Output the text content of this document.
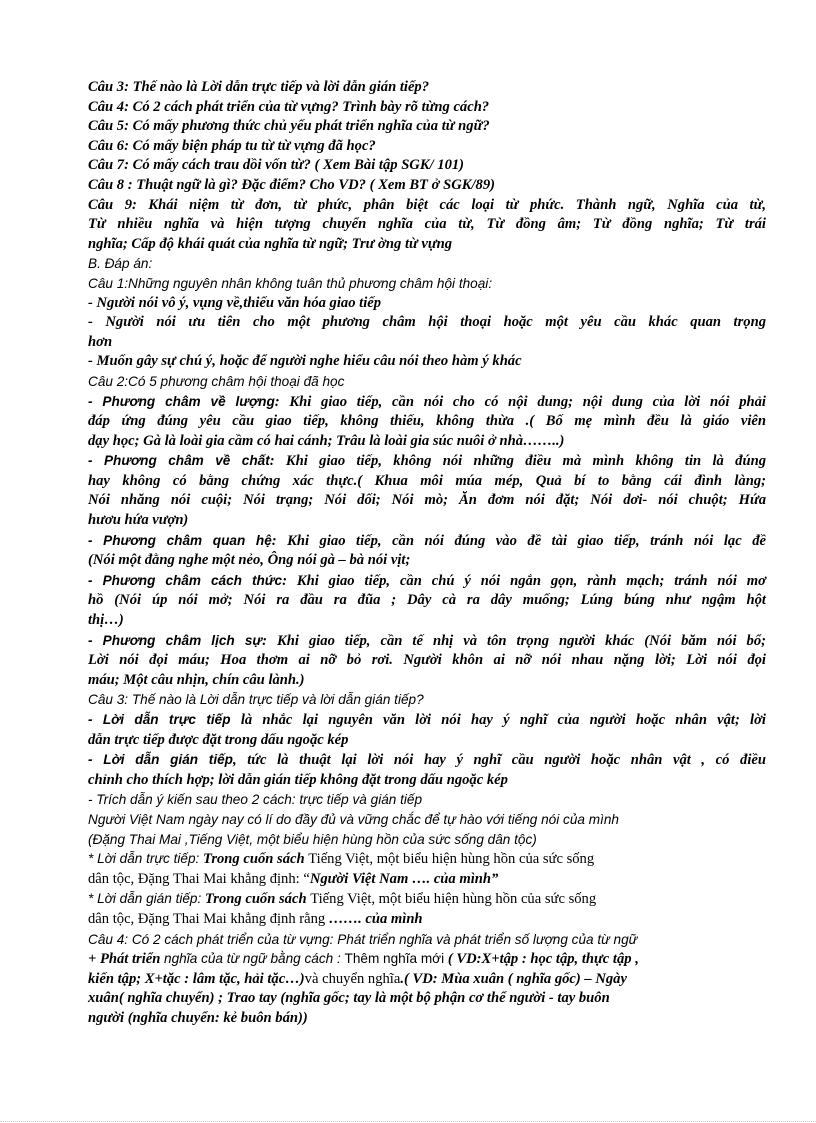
Câu 3: Thế nào là Lời dẫn trực tiếp và lời dẫn gián tiếp?
Câu 4: Có 2 cách phát triển của từ vựng? Trình bày rõ từng cách?
Câu 5: Có mấy phương thức chủ yếu phát triển nghĩa của từ ngữ?
Câu 6: Có mấy biện pháp tu từ từ vựng đã học?
Câu 7: Có mấy cách trau dồi vốn từ? ( Xem Bài tập SGK/ 101)
Câu 8 : Thuật ngữ là gì? Đặc điểm? Cho VD? ( Xem BT ở SGK/89)
Câu 9: Khái niệm từ đơn, từ phức, phân biệt các loại từ phức. Thành ngữ, Nghĩa của từ,
Từ nhiều nghĩa và hiện tượng chuyển nghĩa của từ, Từ đồng âm; Từ đồng nghĩa; Từ trái
nghĩa; Cấp độ khái quát của nghĩa từ ngữ; Trư ờng từ vựng
B. Đáp án:
Câu 1:Những nguyên nhân không tuân thủ phương châm hội thoại:
- Người nói vô ý, vụng về,thiếu văn hóa giao tiếp
- Người nói ưu tiên cho một phương châm hội thoại hoặc một yêu cầu khác quan trọng
hơn
- Muốn gây sự chú ý, hoặc để người nghe hiểu câu nói theo hàm ý khác
Câu 2:Có 5 phương châm hội thoại đã học
- Phương châm về lượng: Khi giao tiếp, cần nói cho có nội dung; nội dung của lời nói phải
đáp ứng đúng yêu cầu giao tiếp, không thiếu, không thừa .( Bố mẹ mình đều là giáo viên
dạy học; Gà là loài gia cầm có hai cánh; Trâu là loài gia súc nuôi ở nhà……..)
- Phương châm về chất: Khi giao tiếp, không nói những điều mà mình không tin là đúng
hay không có bằng chứng xác thực.( Khua môi múa mép, Quả bí to bằng cái đình làng;
Nói nhăng nói cuội; Nói trạng; Nói dối; Nói mò; Ăn đơm nói đặt; Nói dơi- nói chuột; Hứa
hươu hứa vượn)
- Phương châm quan hệ: Khi giao tiếp, cần nói đúng vào đề tài giao tiếp, tránh nói lạc đề
(Nói một đằng nghe một nẻo, Ông nói gà – bà nói vịt;
- Phương châm cách thức: Khi giao tiếp, cần chú ý nói ngắn gọn, rành mạch; tránh nói mơ
hồ (Nói úp nói mở; Nói ra đầu ra đũa ; Dây cà ra dây muống; Lúng búng như ngậm hột
thị…)
- Phương châm lịch sự: Khi giao tiếp, cần tế nhị và tôn trọng người khác (Nói băm nói bổ;
Lời nói đọi máu; Hoa thơm ai nỡ bỏ rơi. Người khôn ai nỡ nói nhau nặng lời; Lời nói đọi
máu; Một câu nhịn, chín câu lành.)
Câu 3: Thế nào là Lời dẫn trực tiếp và lời dẫn gián tiếp?
- Lời dẫn trực tiếp là nhắc lại nguyên văn lời nói hay ý nghĩ của người hoặc nhân vật; lời
dẫn trực tiếp được đặt trong dấu ngoặc kép
- Lời dẫn gián tiếp, tức là thuật lại lời nói hay ý nghĩ cầu người hoặc nhân vật , có điều
chỉnh cho thích hợp; lời dẫn gián tiếp không đặt trong dấu ngoặc kép
- Trích dẫn ý kiến sau theo 2 cách: trực tiếp và gián tiếp
Người Việt Nam ngày nay có lí do đầy đủ và vững chắc để tự hào với tiếng nói của mình
(Đặng Thai Mai ,Tiếng Việt, một biểu hiện hùng hồn của sức sống dân tộc)
* Lời dẫn trực tiếp: Trong cuốn sách Tiếng Việt, một biểu hiện hùng hồn của sức sống
dân tộc, Đặng Thai Mai khẳng định: “Người Việt Nam …. của mình”
* Lời dẫn gián tiếp: Trong cuốn sách Tiếng Việt, một biểu hiện hùng hồn của sức sống
dân tộc, Đặng Thai Mai khẳng định rằng ……. của mình
Câu 4: Có 2 cách phát triển của từ vựng: Phát triển nghĩa và phát triển số lượng của từ ngữ
+ Phát triển nghĩa của từ ngữ bằng cách : Thêm nghĩa mới ( VD:X+tập : học tập, thực tập ,
kiến tập; X+tặc : lâm tặc, hải tặc…)và chuyển nghĩa.( VD: Mùa xuân ( nghĩa gốc) – Ngày
xuân( nghĩa chuyển) ; Trao tay (nghĩa gốc; tay là một bộ phận cơ thể người - tay buôn
người (nghĩa chuyển: kẻ buôn bán))
